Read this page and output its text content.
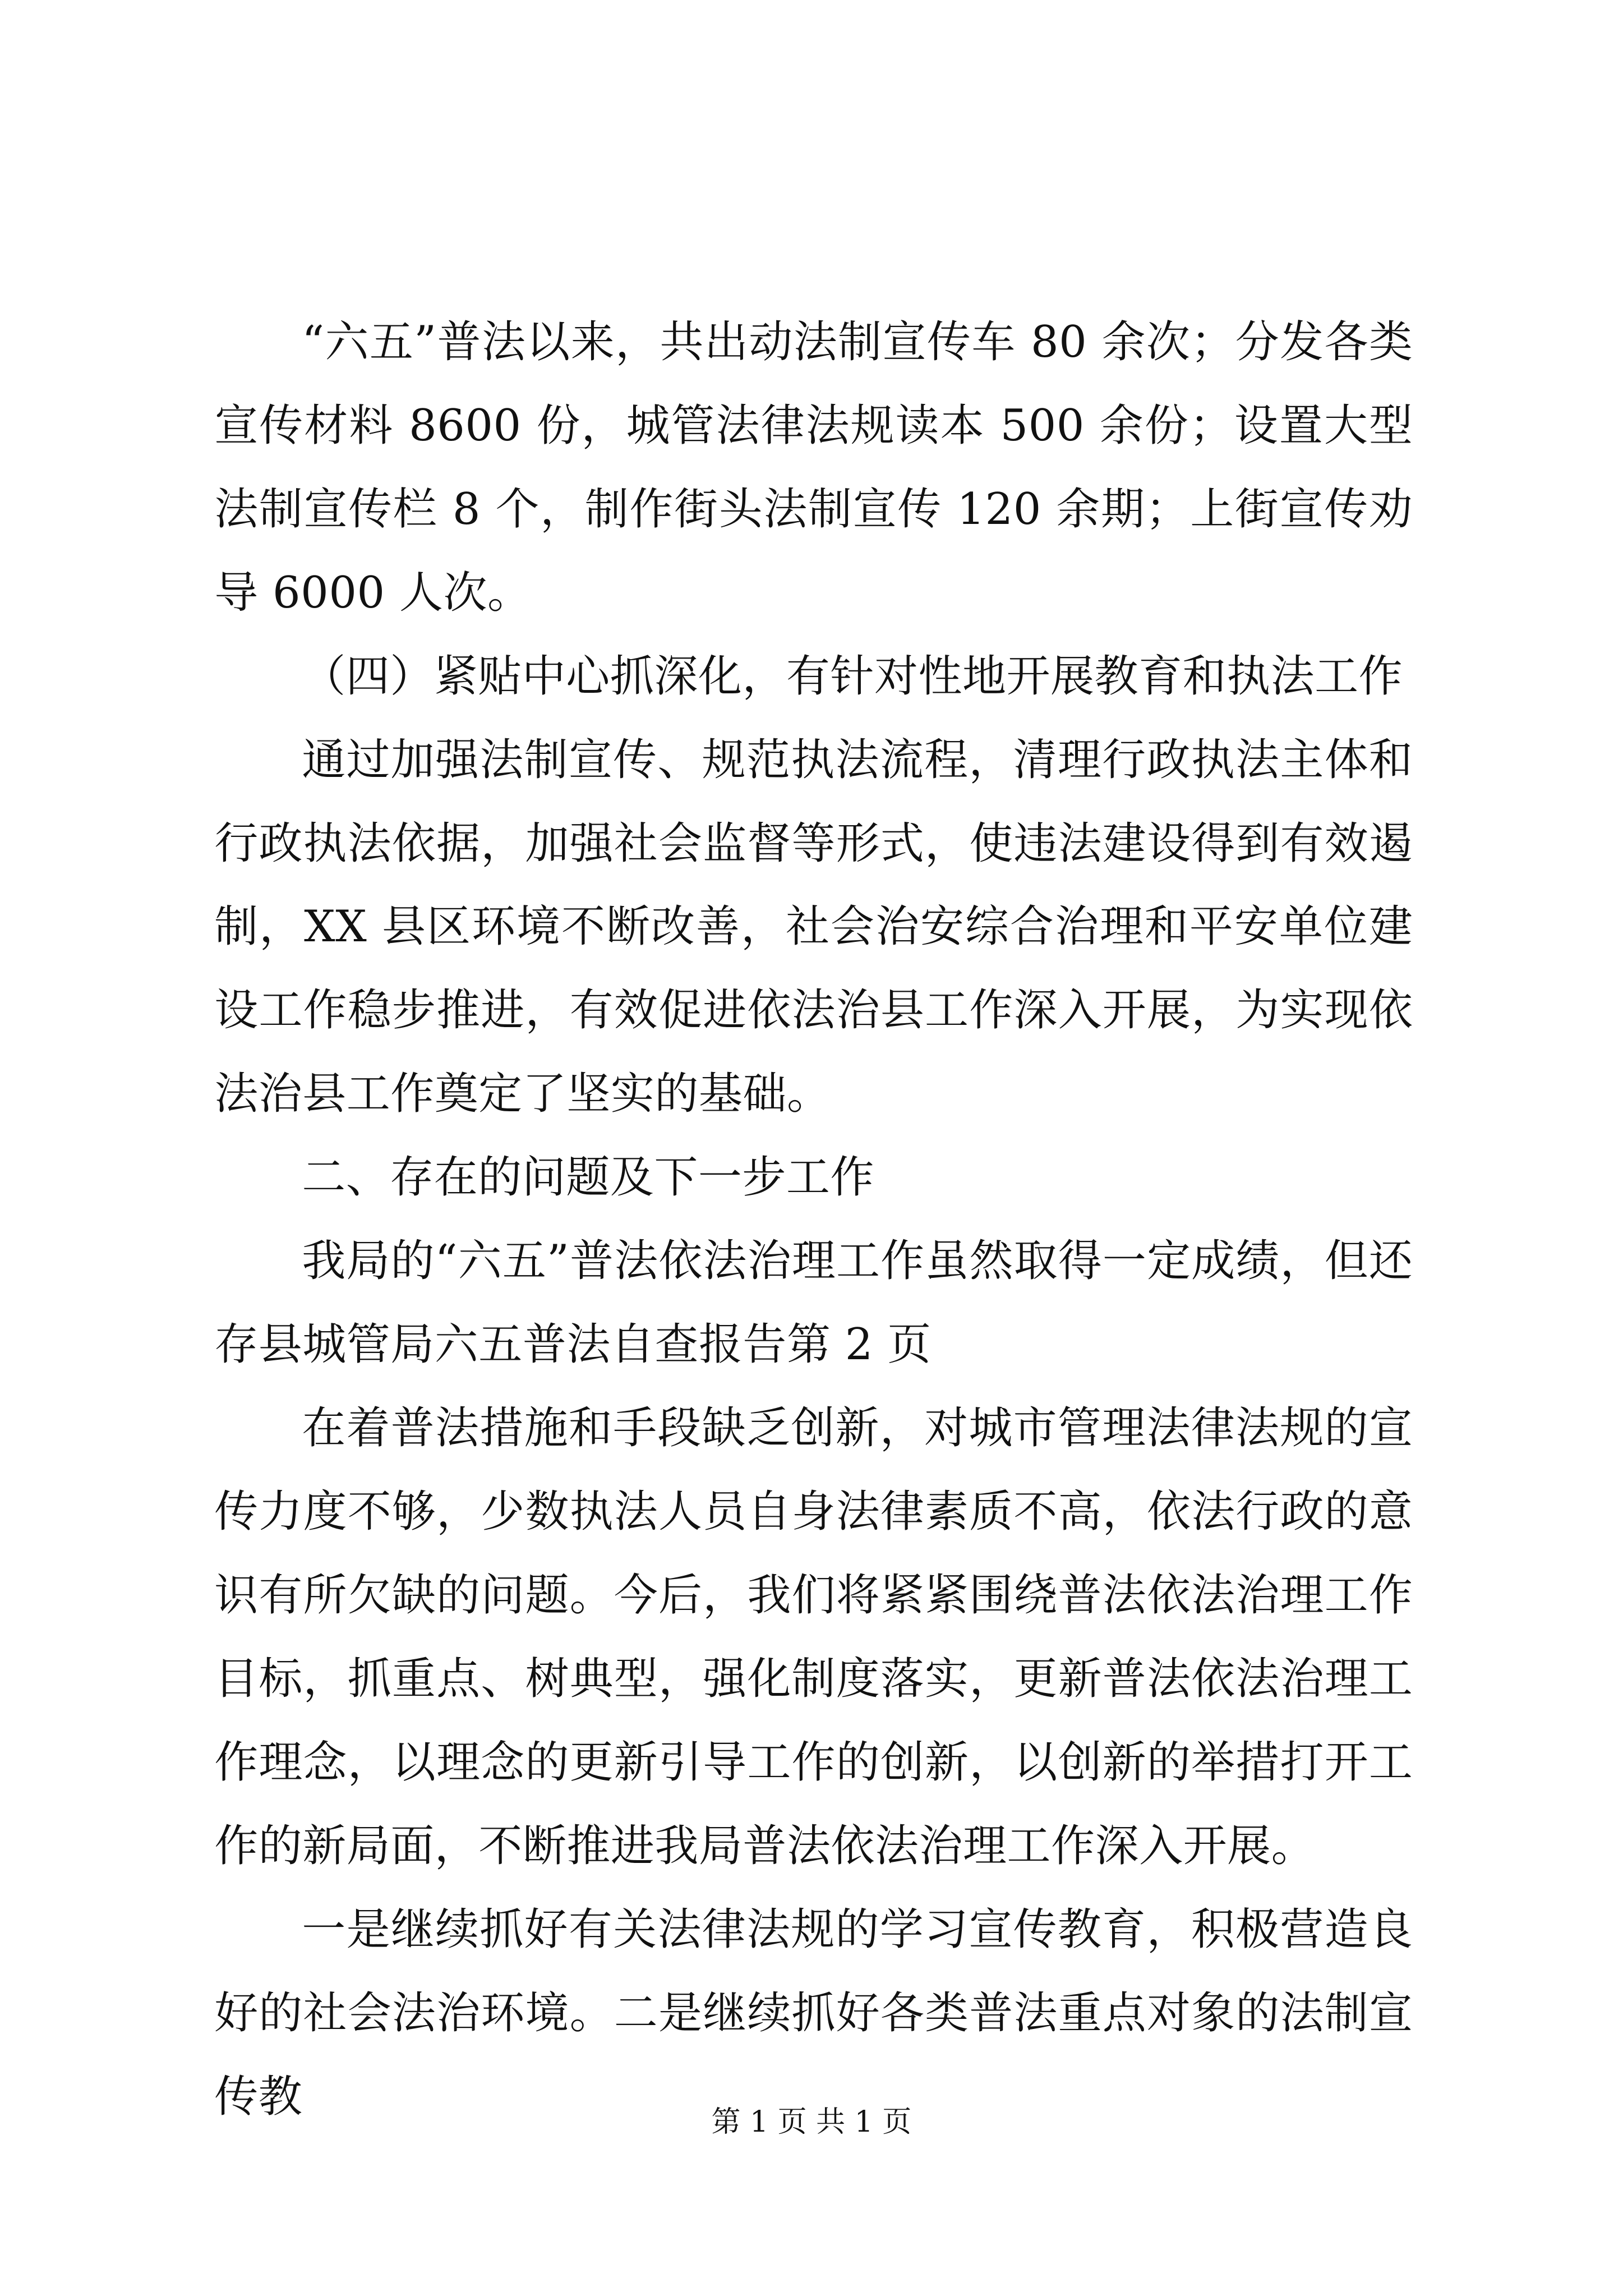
“六五”普法以来，共出动法制宣传车 80 余次；分发各类宣传材料 8600 份，城管法律法规读本 500 余份；设置大型法制宣传栏 8 个，制作街头法制宣传 120 余期；上街宣传劝导 6000 人次。

（四）紧贴中心抓深化，有针对性地开展教育和执法工作

通过加强法制宣传、规范执法流程，清理行政执法主体和行政执法依据，加强社会监督等形式，使违法建设得到有效遏制，XX 县区环境不断改善，社会治安综合治理和平安单位建设工作稳步推进，有效促进依法治县工作深入开展，为实现依法治县工作奠定了坚实的基础。

二、存在的问题及下一步工作

我局的“六五”普法依法治理工作虽然取得一定成绩，但还存县城管局六五普法自查报告第 2 页

在着普法措施和手段缺乏创新，对城市管理法律法规的宣传力度不够，少数执法人员自身法律素质不高，依法行政的意识有所欠缺的问题。今后，我们将紧紧围绕普法依法治理工作目标，抓重点、树典型，强化制度落实，更新普法依法治理工作理念，以理念的更新引导工作的创新，以创新的举措打开工作的新局面，不断推进我局普法依法治理工作深入开展。

一是继续抓好有关法律法规的学习宣传教育，积极营造良好的社会法治环境。二是继续抓好各类普法重点对象的法制宣传教	第 1 页 共 1 页
